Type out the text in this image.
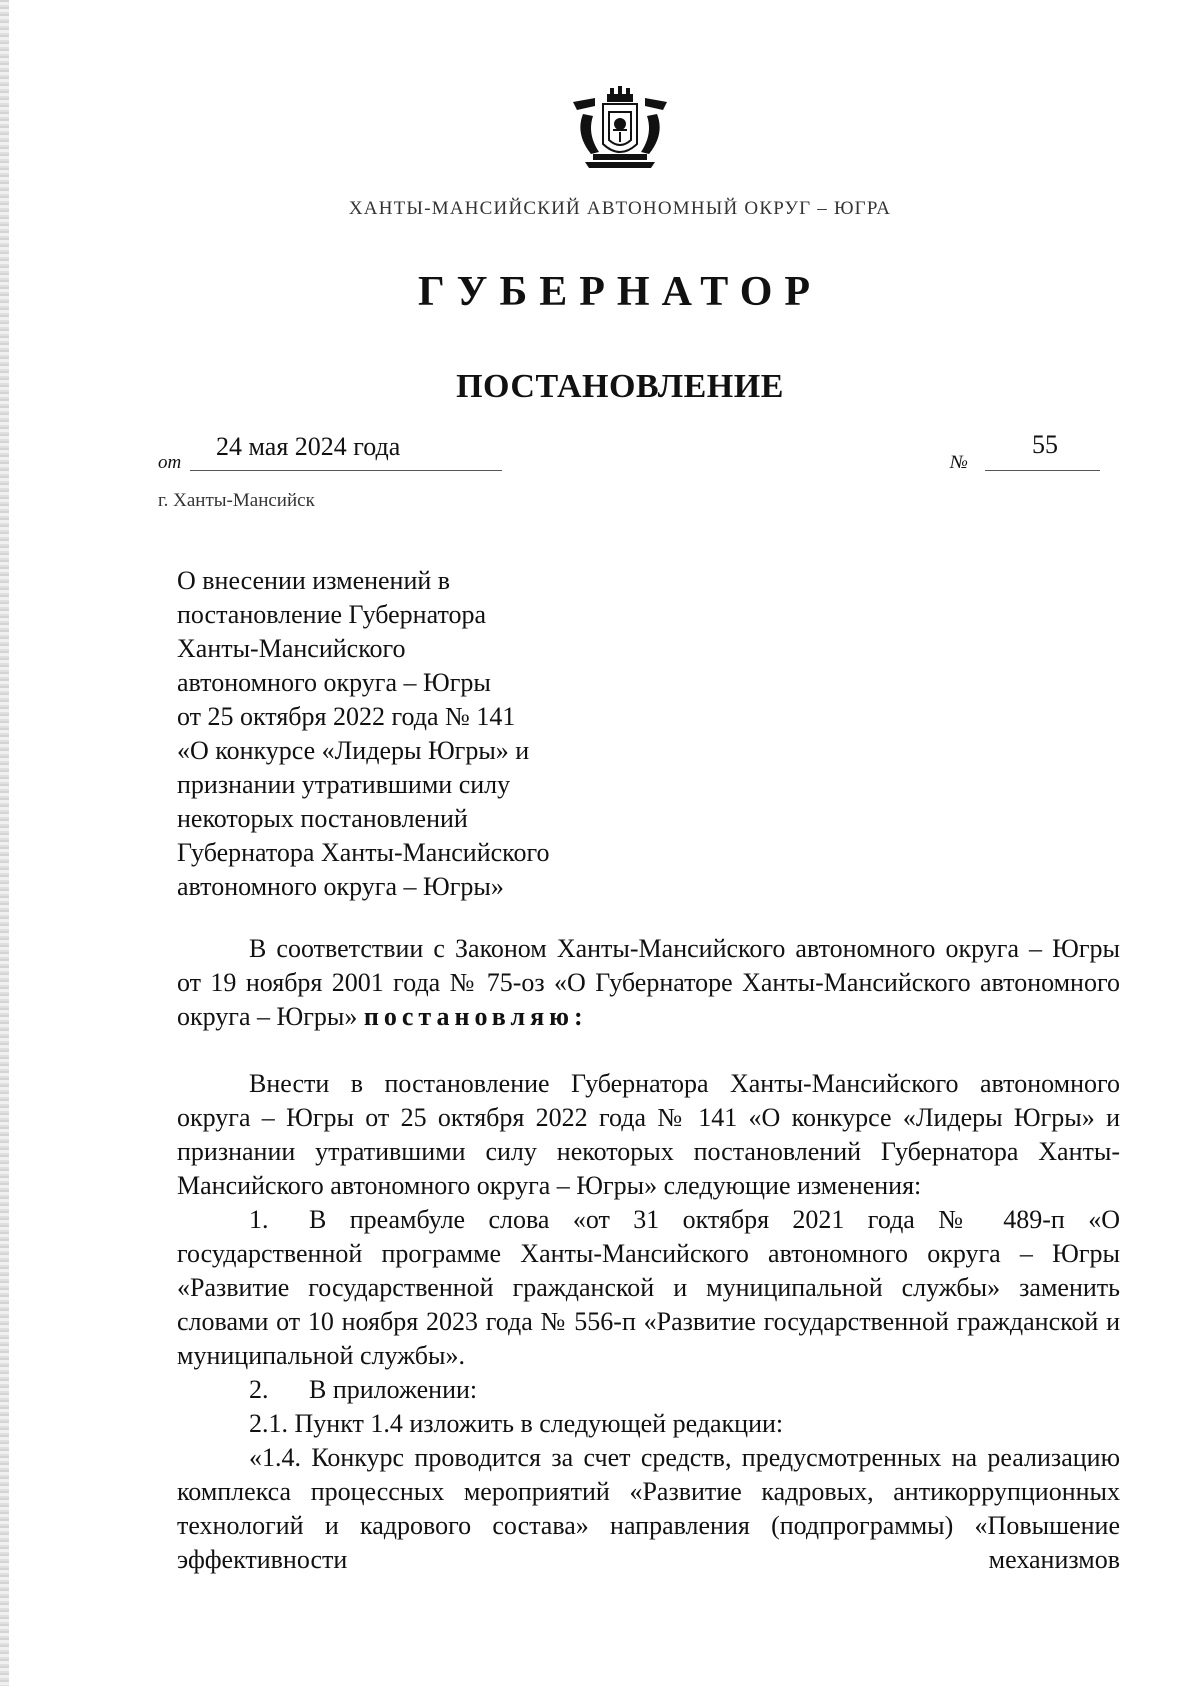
ХАНТЫ-МАНСИЙСКИЙ АВТОНОМНЫЙ ОКРУГ – ЮГРА
ГУБЕРНАТОР
ПОСТАНОВЛЕНИЕ
от
24 мая 2024 года
№
55
г. Ханты-Мансийск
О внесении изменений в
постановление Губернатора
Ханты-Мансийского
автономного округа – Югры
от 25 октября 2022 года № 141
«О конкурсе «Лидеры Югры» и
признании утратившими силу
некоторых постановлений
Губернатора Ханты-Мансийского
автономного округа – Югры»

В соответствии с Законом Ханты-Мансийского автономного округа – Югры от 19 ноября 2001 года № 75-оз «О Губернаторе Ханты-Мансийского автономного округа – Югры» постановляю:

Внести в постановление Губернатора Ханты-Мансийского автономного округа – Югры от 25 октября 2022 года № 141 «О конкурсе «Лидеры Югры» и признании утратившими силу некоторых постановлений Губернатора Ханты-Мансийского автономного округа – Югры» следующие изменения:

1. В преамбуле слова «от 31 октября 2021 года № 489-п «О государственной программе Ханты-Мансийского автономного округа – Югры «Развитие государственной гражданской и муниципальной службы» заменить словами от 10 ноября 2023 года № 556-п «Развитие государственной гражданской и муниципальной службы».

2. В приложении:

2.1. Пункт 1.4 изложить в следующей редакции:

«1.4. Конкурс проводится за счет средств, предусмотренных на реализацию комплекса процессных мероприятий «Развитие кадровых, антикоррупционных технологий и кадрового состава» направления (подпрограммы) «Повышение эффективности механизмов
